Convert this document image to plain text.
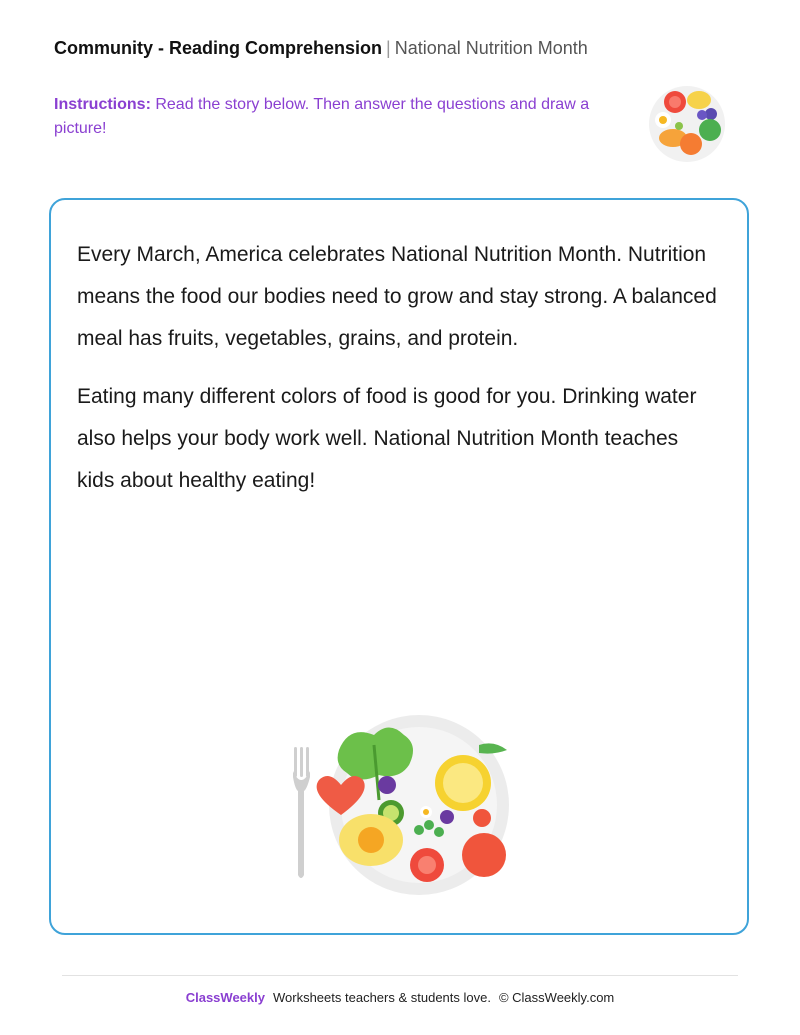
Community - Reading Comprehension | National Nutrition Month
Instructions: Read the story below. Then answer the questions and draw a picture!

Every March, America celebrates National Nutrition Month. Nutrition means the food our bodies need to grow and stay strong. A balanced meal has fruits, vegetables, grains, and protein.

Eating many different colors of food is good for you. Drinking water also helps your body work well. National Nutrition Month teaches kids about healthy eating!

ClassWeekly Worksheets teachers & students love. © ClassWeekly.com
